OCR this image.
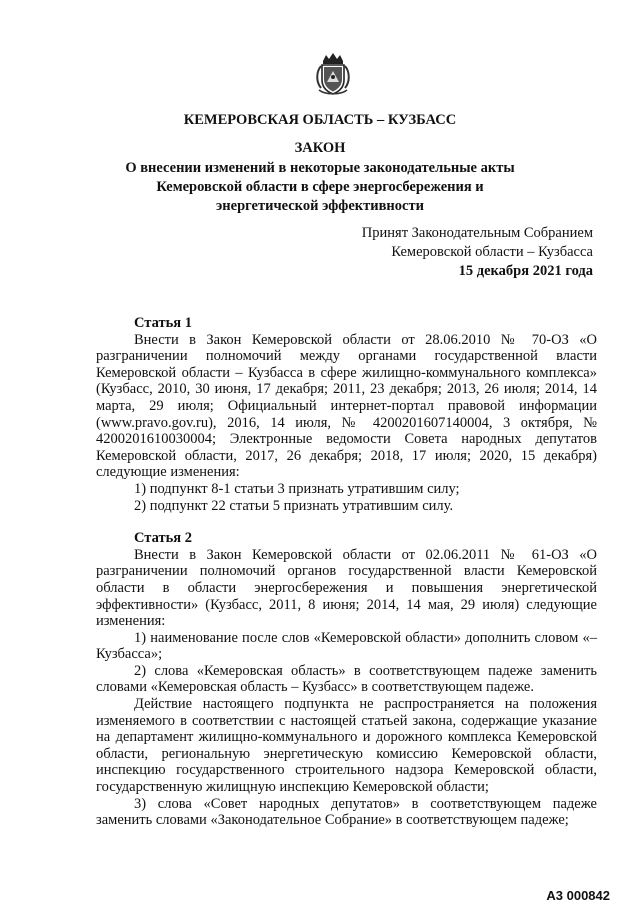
КЕМЕРОВСКАЯ ОБЛАСТЬ – КУЗБАСС
ЗАКОН
О внесении изменений в некоторые законодательные акты
Кемеровской области в сфере энергосбережения и
энергетической эффективности
Принят Законодательным Собранием
Кемеровской области – Кузбасса
15 декабря 2021 года

Статья 1

Внести в Закон Кемеровской области от 28.06.2010 № 70-ОЗ «О разграничении полномочий между органами государственной власти Кемеровской области – Кузбасса в сфере жилищно-коммунального комплекса» (Кузбасс, 2010, 30 июня, 17 декабря; 2011, 23 декабря; 2013, 26 июля; 2014, 14 марта, 29 июля; Официальный интернет-портал правовой информации (www.pravo.gov.ru), 2016, 14 июля, № 4200201607140004, 3 октября, № 4200201610030004; Электронные ведомости Совета народных депутатов Кемеровской области, 2017, 26 декабря; 2018, 17 июля; 2020, 15 декабря) следующие изменения:

1) подпункт 8-1 статьи 3 признать утратившим силу;

2) подпункт 22 статьи 5 признать утратившим силу.

Статья 2

Внести в Закон Кемеровской области от 02.06.2011 № 61-ОЗ «О разграничении полномочий органов государственной власти Кемеровской области в области энергосбережения и повышения энергетической эффективности» (Кузбасс, 2011, 8 июня; 2014, 14 мая, 29 июля) следующие изменения:

1) наименование после слов «Кемеровской области» дополнить словом «– Кузбасса»;

2) слова «Кемеровская область» в соответствующем падеже заменить словами «Кемеровская область – Кузбасс» в соответствующем падеже.

Действие настоящего подпункта не распространяется на положения изменяемого в соответствии с настоящей статьей закона, содержащие указание на департамент жилищно-коммунального и дорожного комплекса Кемеровской области, региональную энергетическую комиссию Кемеровской области, инспекцию государственного строительного надзора Кемеровской области, государственную жилищную инспекцию Кемеровской области;

3) слова «Совет народных депутатов» в соответствующем падеже заменить словами «Законодательное Собрание» в соответствующем падеже;

А3 000842
